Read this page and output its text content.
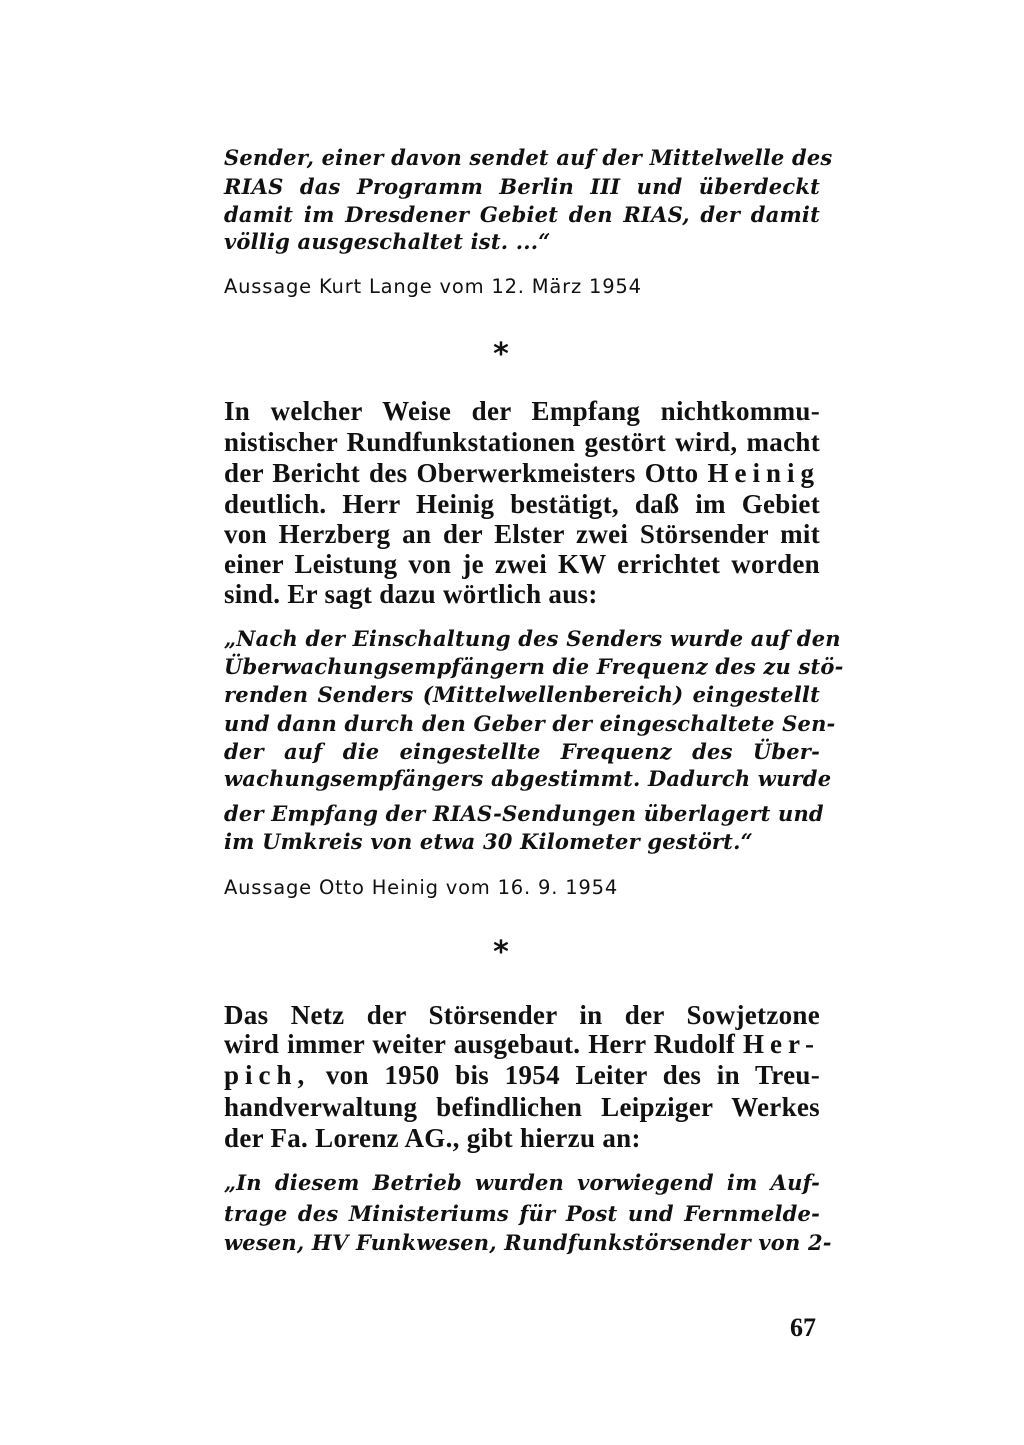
Sender, einer davon sendet auf der Mittelwelle des
RIAS das Programm Berlin III und überdeckt
damit im Dresdener Gebiet den RIAS, der damit
völlig ausgeschaltet ist. ...“
Aussage Kurt Lange vom 12. März 1954
*
In welcher Weise der Empfang nichtkommu-
nistischer Rundfunkstationen gestört wird, macht
der Bericht des Oberwerkmeisters Otto Heinig
deutlich. Herr Heinig bestätigt, daß im Gebiet
von Herzberg an der Elster zwei Störsender mit
einer Leistung von je zwei KW errichtet worden
sind. Er sagt dazu wörtlich aus:
„Nach der Einschaltung des Senders wurde auf den
Überwachungsempfängern die Frequenz des zu stö-
renden Senders (Mittelwellenbereich) eingestellt
und dann durch den Geber der eingeschaltete Sen-
der auf die eingestellte Frequenz des Über-
wachungsempfängers abgestimmt. Dadurch wurde
der Empfang der RIAS-Sendungen überlagert und
im Umkreis von etwa 30 Kilometer gestört.“
Aussage Otto Heinig vom 16. 9. 1954
*
Das Netz der Störsender in der Sowjetzone
wird immer weiter ausgebaut. Herr Rudolf Her-
pich, von 1950 bis 1954 Leiter des in Treu-
handverwaltung befindlichen Leipziger Werkes
der Fa. Lorenz AG., gibt hierzu an:
„In diesem Betrieb wurden vorwiegend im Auf-
trage des Ministeriums für Post und Fernmelde-
wesen, HV Funkwesen, Rundfunkstörsender von 2-
67
